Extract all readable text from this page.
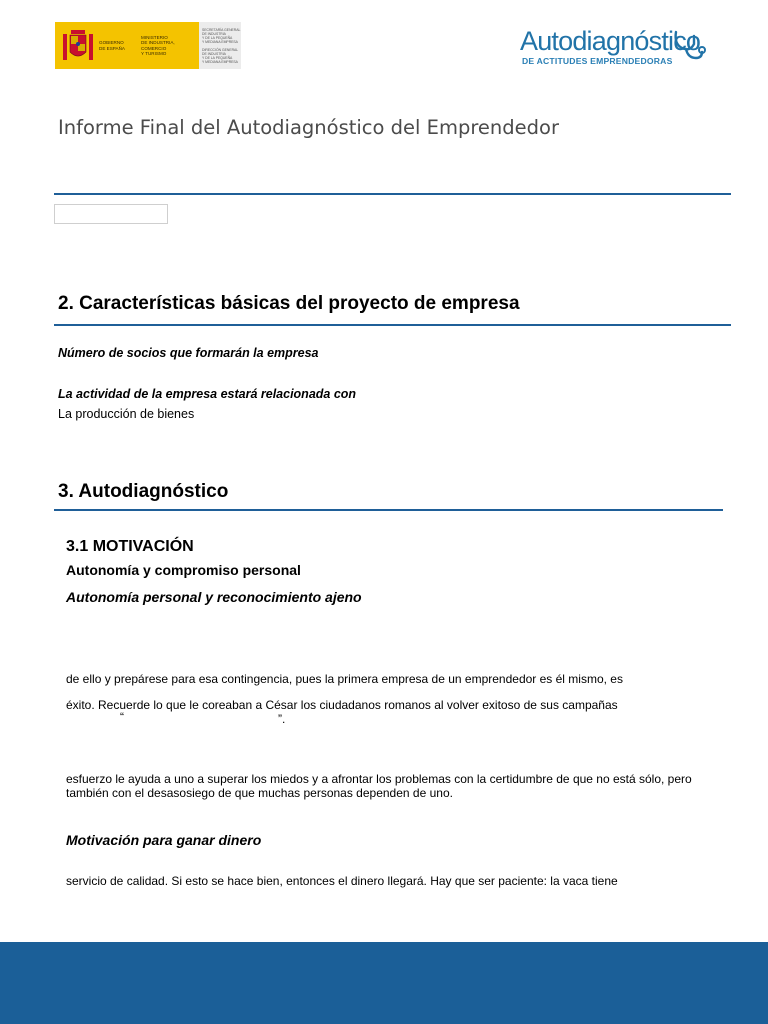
GOBIERNO
DE ESPAÑA
MINISTERIO
DE INDUSTRIA, COMERCIO
Y TURISMO
SECRETARÍA GENERAL
DE INDUSTRIA
Y DE LA PEQUEÑA
Y MEDIANA EMPRESA
DIRECCIÓN GENERAL
DE INDUSTRIA
Y DE LA PEQUEÑA
Y MEDIANA EMPRESA
Autodiagnóstico
DE ACTITUDES EMPRENDEDORAS
Informe Final del Autodiagnóstico del Emprendedor
2. Características básicas del proyecto de empresa
Número de socios que formarán la empresa
La actividad de la empresa estará relacionada con
La producción de bienes
3. Autodiagnóstico
3.1 MOTIVACIÓN
Autonomía y compromiso personal
Autonomía personal y reconocimiento ajeno
de ello y prepárese para esa contingencia, pues la primera empresa de un emprendedor es él mismo, es
éxito. Recuerde lo que le coreaban a César los ciudadanos romanos al volver exitoso de sus campañas
“	”.
esfuerzo le ayuda a uno a superar los miedos y a afrontar los problemas con la certidumbre de que no está sólo, pero también con el desasosiego de que muchas personas dependen de uno.
Motivación para ganar dinero
servicio de calidad. Si esto se hace bien, entonces el dinero llegará. Hay que ser paciente: la vaca tiene
